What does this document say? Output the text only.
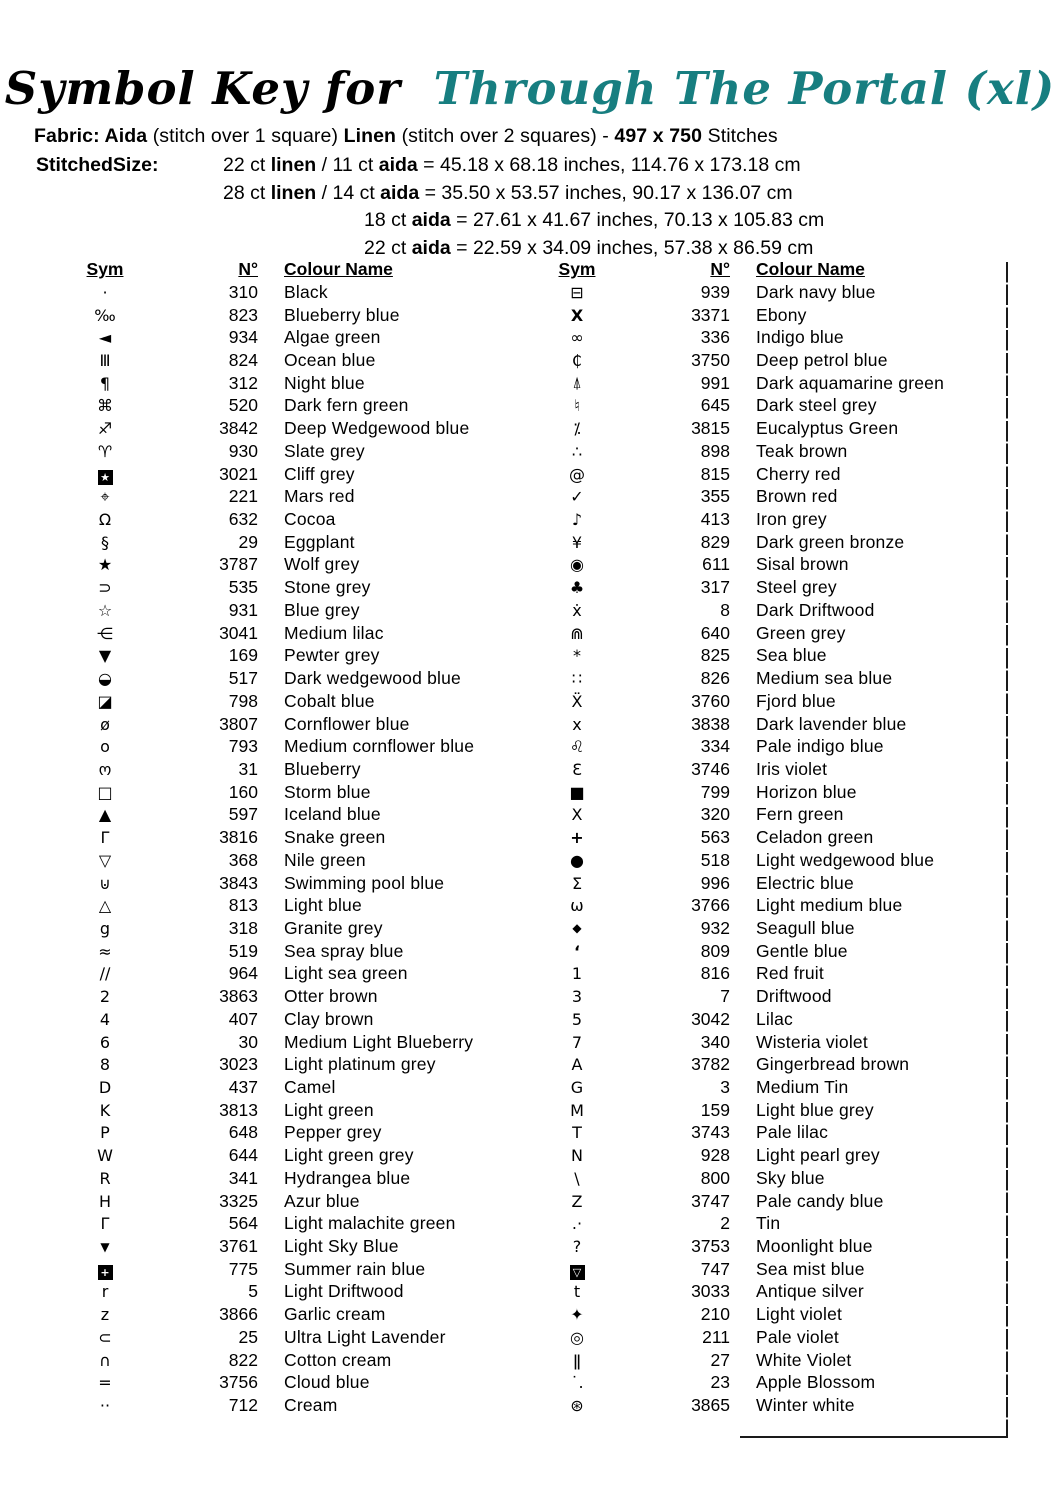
Symbol Key for Through The Portal (xl)
Fabric: Aida (stitch over 1 square) Linen (stitch over 2 squares) - 497 x 750 Stitches
StitchedSize:	22 ct linen / 11 ct aida = 45.18 x 68.18 inches, 114.76 x 173.18 cm
28 ct linen / 14 ct aida = 35.50 x 53.57 inches, 90.17 x 136.07 cm
18 ct aida = 27.61 x 41.67 inches, 70.13 x 105.83 cm
22 ct aida = 22.59 x 34.09 inches, 57.38 x 86.59 cm
Sym	N° Colour Name
·	310 Black
‰	823 Blueberry blue
◄	934 Algae green
Ⅲ	824 Ocean blue
¶	312 Night blue
⌘	520 Dark fern green
♐	3842 Deep Wedgewood blue
♈	930 Slate grey
★	3021 Cliff grey
⌖	221 Mars red
Ω	632 Cocoa
§	29 Eggplant
★	3787 Wolf grey
⊃	535 Stone grey
☆	931 Blue grey
⋲	3041 Medium lilac
▼	169 Pewter grey
◒	517 Dark wedgewood blue
◪	798 Cobalt blue
ø	3807 Cornflower blue
o	793 Medium cornflower blue
ო	31 Blueberry
□	160 Storm blue
▲	597 Iceland blue
Γ	3816 Snake green
▽	368 Nile green
⊍	3843 Swimming pool blue
△	813 Light blue
g	318 Granite grey
≈	519 Sea spray blue
∕∕	964 Light sea green
2	3863 Otter brown
4	407 Clay brown
6	30 Medium Light Blueberry
8	3023 Light platinum grey
D	437 Camel
K	3813 Light green
P	648 Pepper grey
W	644 Light green grey
R	341 Hydrangea blue
H	3325 Azur blue
Γ	564 Light malachite green
▼	3761 Light Sky Blue
+	775 Summer rain blue
r	5 Light Driftwood
z	3866 Garlic cream
⊂	25 Ultra Light Lavender
∩	822 Cotton cream
=	3756 Cloud blue
··	712 Cream
Sym	N° Colour Name
⊟	939 Dark navy blue
X	3371 Ebony
∞	336 Indigo blue
₵	3750 Deep petrol blue
⍋	991 Dark aquamarine green
♮	645 Dark steel grey
⁒	3815 Eucalyptus Green
∴	898 Teak brown
@	815 Cherry red
✓	355 Brown red
♪	413 Iron grey
¥	829 Dark green bronze
◉	611 Sisal brown
♣	317 Steel grey
ẋ	8 Dark Driftwood
⋒	640 Green grey
*	825 Sea blue
∷	826 Medium sea blue
Ẍ	3760 Fjord blue
x	3838 Dark lavender blue
♌	334 Pale indigo blue
Ɛ	3746 Iris violet
■	799 Horizon blue
Χ	320 Fern green
+	563 Celadon green
●	518 Light wedgewood blue
Σ	996 Electric blue
ω	3766 Light medium blue
◆	932 Seagull blue
‘	809 Gentle blue
1	816 Red fruit
3	7 Driftwood
5	3042 Lilac
7	340 Wisteria violet
A	3782 Gingerbread brown
G	3 Medium Tin
M	159 Light blue grey
T	3743 Pale lilac
N	928 Light pearl grey
\	800 Sky blue
Z	3747 Pale candy blue
.·	2 Tin
?	3753 Moonlight blue
▽	747 Sea mist blue
t	3033 Antique silver
✦	210 Light violet
◎	211 Pale violet
ǁ	27 White Violet
˙.	23 Apple Blossom
⊛	3865 Winter white
